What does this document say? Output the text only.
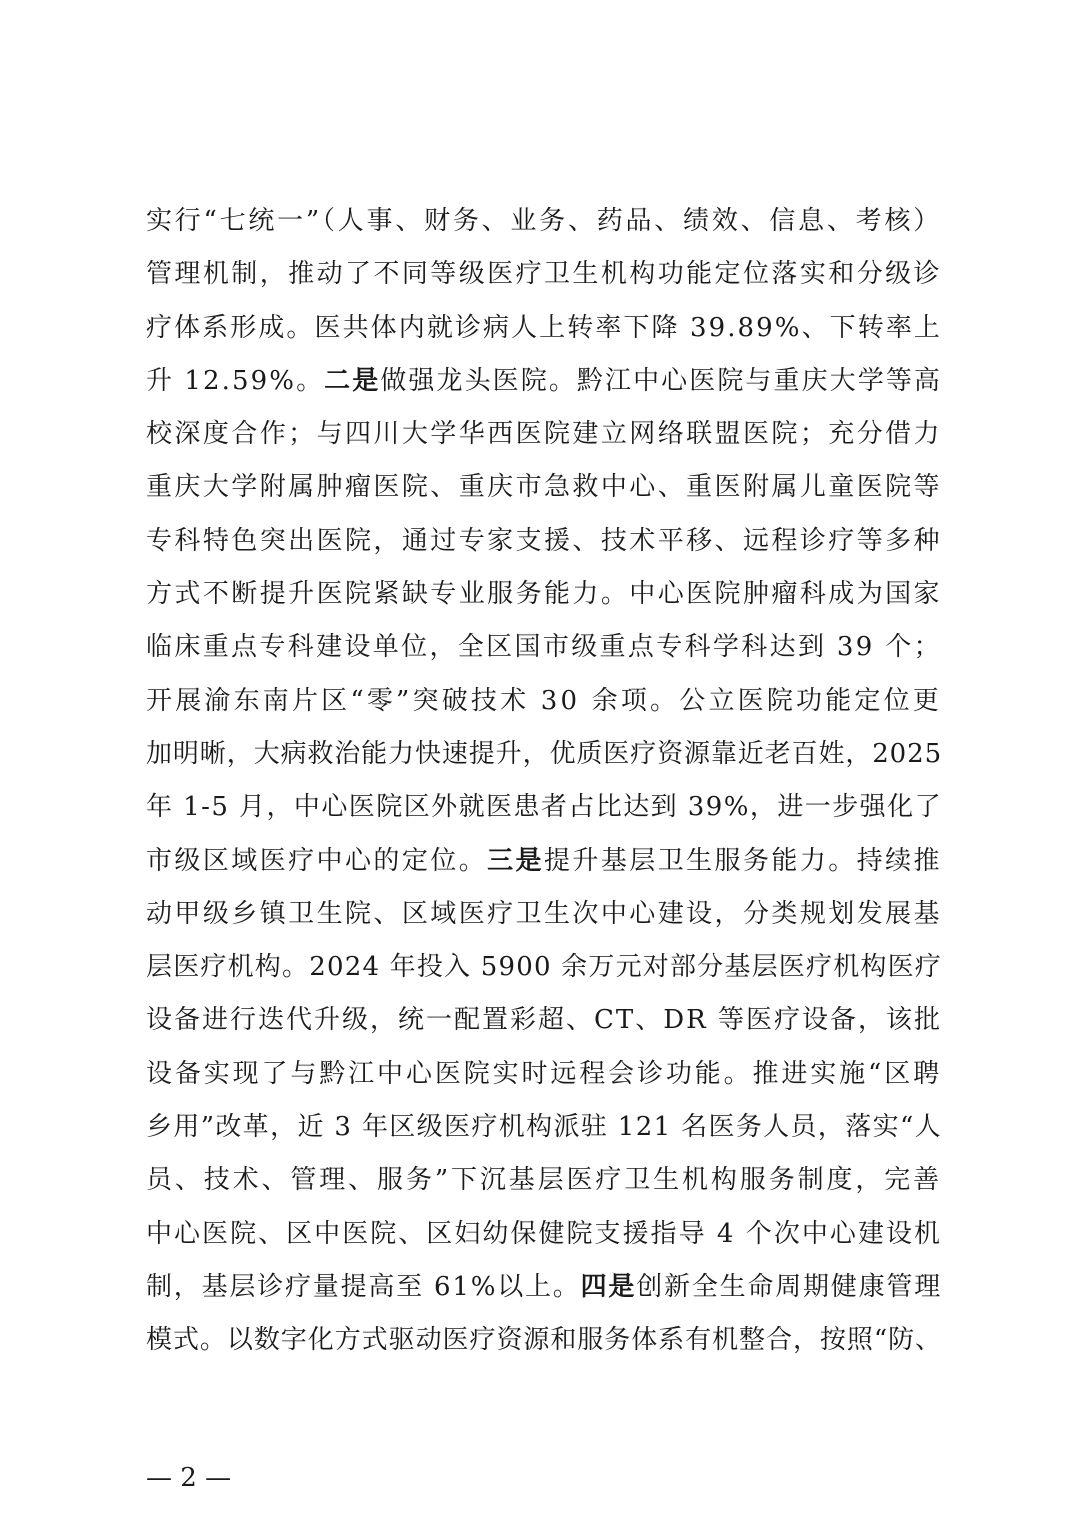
实行“七统一”（人事、财务、业务、药品、绩效、信息、考核）
管理机制，推动了不同等级医疗卫生机构功能定位落实和分级诊
疗体系形成。医共体内就诊病人上转率下降 39.89%、下转率上
升 12.59%。二是做强龙头医院。黔江中心医院与重庆大学等高
校深度合作；与四川大学华西医院建立网络联盟医院；充分借力
重庆大学附属肿瘤医院、重庆市急救中心、重医附属儿童医院等
专科特色突出医院，通过专家支援、技术平移、远程诊疗等多种
方式不断提升医院紧缺专业服务能力。中心医院肿瘤科成为国家
临床重点专科建设单位，全区国市级重点专科学科达到 39 个；
开展渝东南片区“零”突破技术 30 余项。公立医院功能定位更
加明晰，大病救治能力快速提升，优质医疗资源靠近老百姓，2025
年 1-5 月，中心医院区外就医患者占比达到 39%，进一步强化了
市级区域医疗中心的定位。三是提升基层卫生服务能力。持续推
动甲级乡镇卫生院、区域医疗卫生次中心建设，分类规划发展基
层医疗机构。2024 年投入 5900 余万元对部分基层医疗机构医疗
设备进行迭代升级，统一配置彩超、CT、DR 等医疗设备，该批
设备实现了与黔江中心医院实时远程会诊功能。推进实施“区聘
乡用”改革，近 3 年区级医疗机构派驻 121 名医务人员，落实“人
员、技术、管理、服务”下沉基层医疗卫生机构服务制度，完善
中心医院、区中医院、区妇幼保健院支援指导 4 个次中心建设机
制，基层诊疗量提高至 61%以上。四是创新全生命周期健康管理
模式。以数字化方式驱动医疗资源和服务体系有机整合，按照“防、
— 2 —
